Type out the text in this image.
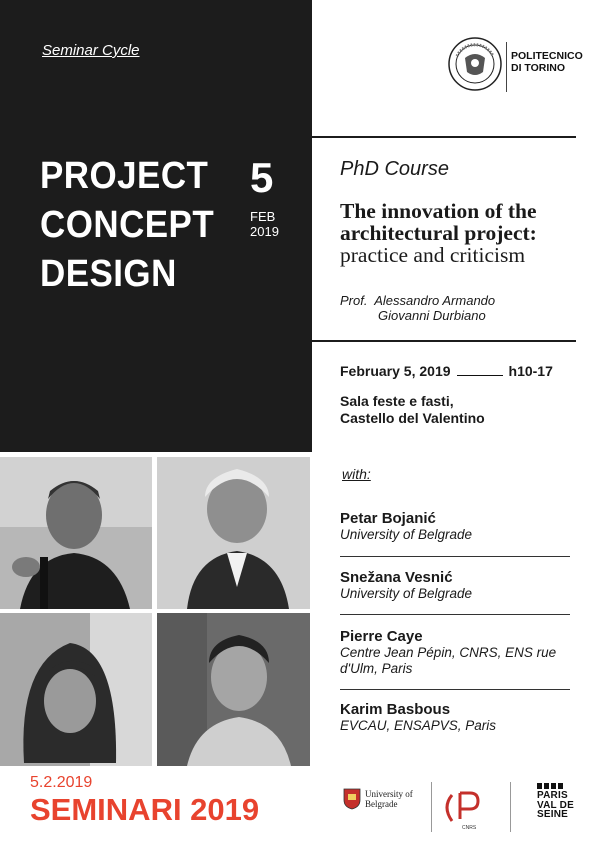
Seminar Cycle
PROJECT
CONCEPT
DESIGN
5
FEB
2019
POLITECNICO
DI TORINO
PhD Course
The innovation of the
architectural project:
practice and criticism
Prof. Alessandro Armando
Giovanni Durbiano
February 5, 2019	h10-17
Sala feste e fasti,
Castello del Valentino
with:
Petar Bojanić
University of Belgrade
Snežana Vesnić
University of Belgrade
Pierre Caye
Centre Jean Pépin, CNRS, ENS rue d'Ulm, Paris
Karim Basbous
EVCAU, ENSAPVS, Paris
5.2.2019
SEMINARI 2019	University of
Belgrade
CNRS
PARIS
VAL DE
SEINE
